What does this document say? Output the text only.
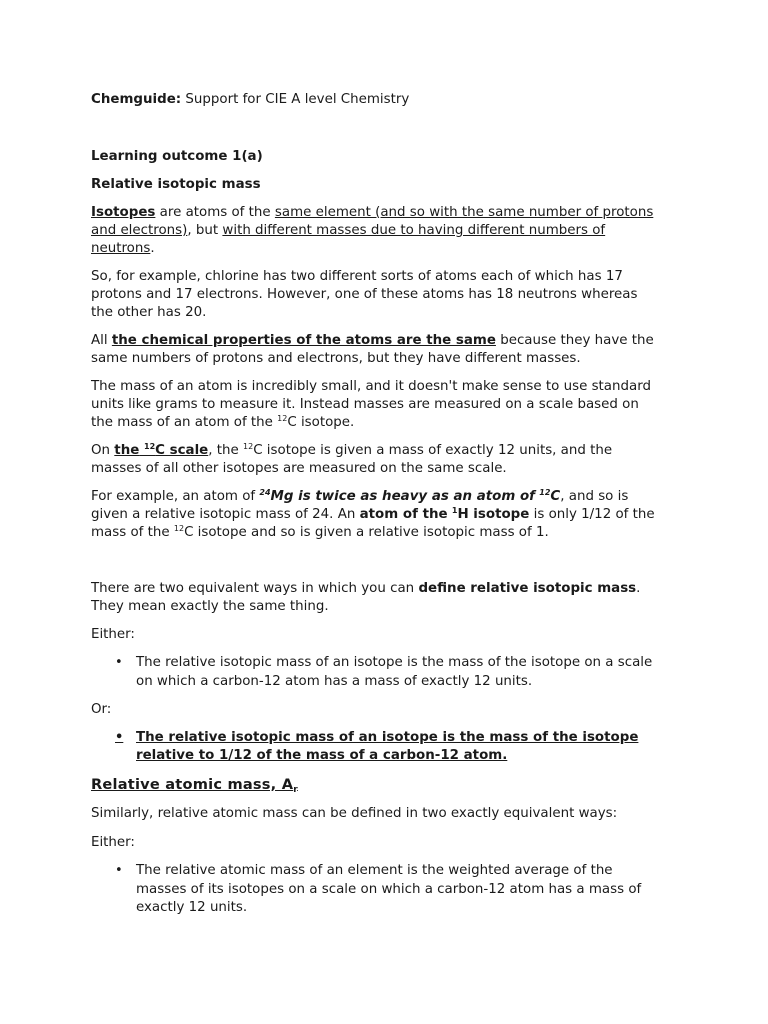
Chemguide: Support for CIE A level Chemistry
Learning outcome 1(a)
Relative isotopic mass
Isotopes are atoms of the same element (and so with the same number of protons
and electrons), but with different masses due to having different numbers of
neutrons.
So, for example, chlorine has two different sorts of atoms each of which has 17
protons and 17 electrons. However, one of these atoms has 18 neutrons whereas
the other has 20.
All the chemical properties of the atoms are the same because they have the
same numbers of protons and electrons, but they have different masses.
The mass of an atom is incredibly small, and it doesn't make sense to use standard
units like grams to measure it. Instead masses are measured on a scale based on
the mass of an atom of the $^{12}$C isotope.
On the $^{12}$C scale, the $^{12}$C isotope is given a mass of exactly 12 units, and the
masses of all other isotopes are measured on the same scale.
For example, an atom of $^{24}$Mg is twice as heavy as an atom of $^{12}$C, and so is
given a relative isotopic mass of 24. An atom of the $^1$H isotope is only 1/12 of the
mass of the $^{12}$C isotope and so is given a relative isotopic mass of 1.
There are two equivalent ways in which you can define relative isotopic mass.
They mean exactly the same thing.
Either:
• The relative isotopic mass of an isotope is the mass of the isotope on a scale
on which a carbon-12 atom has a mass of exactly 12 units.
Or:
• The relative isotopic mass of an isotope is the mass of the isotope
relative to 1/12 of the mass of a carbon-12 atom.
Relative atomic mass, $A_r$
Similarly, relative atomic mass can be defined in two exactly equivalent ways:
Either:
• The relative atomic mass of an element is the weighted average of the
masses of its isotopes on a scale on which a carbon-12 atom has a mass of
exactly 12 units.
